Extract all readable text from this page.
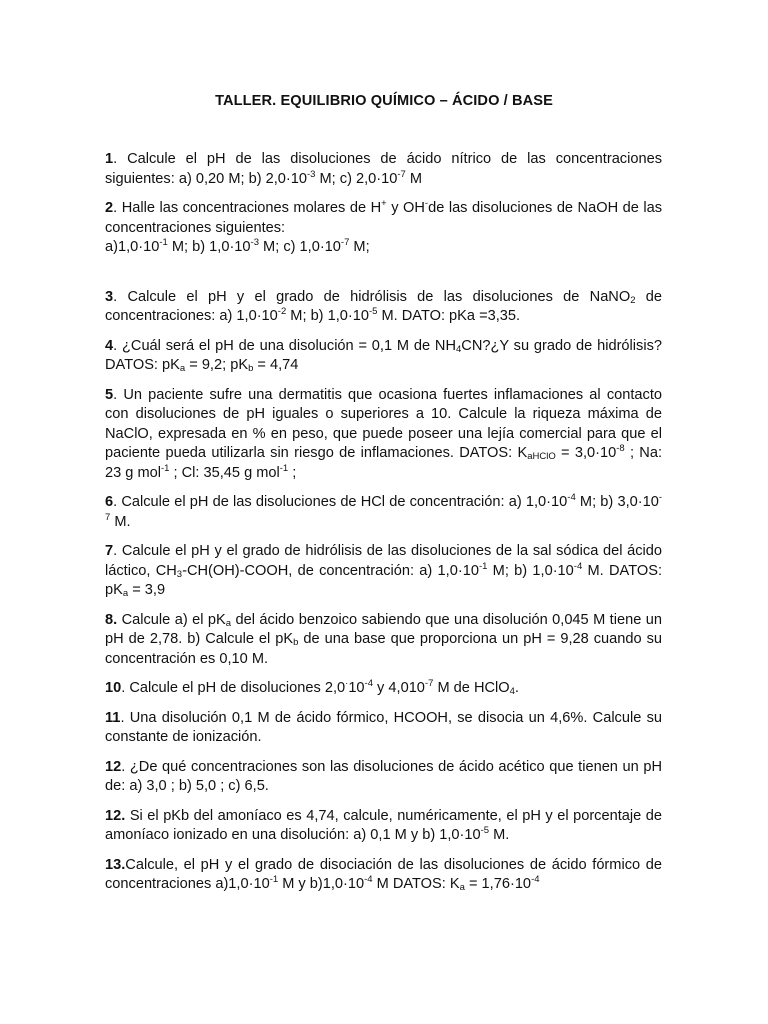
TALLER. EQUILIBRIO QUÍMICO – ÁCIDO / BASE

1. Calcule el pH de las disoluciones de ácido nítrico de las concentraciones siguientes: a) 0,20 M; b) $2,0\cdot 10^{-3}$ M; c) $2,0\cdot 10^{-7}$ M

2. Halle las concentraciones molares de H+ y OH-de las disoluciones de NaOH de las concentraciones siguientes:
$a)1,0\cdot 10^{-1}$ M; b) $1,0\cdot 10^{-3}$ M; c) $1,0\cdot 10^{-7}$ M;

3. Calcule el pH y el grado de hidrólisis de las disoluciones de NaNO$_2$ de concentraciones: a) $1,0\cdot 10^{-2}$ M; b) $1,0\cdot 10^{-5}$ M. DATO: pKa =3,35.

4. ¿Cuál será el pH de una disolución = 0,1 M de $NH_4CN?¿Y$ su grado de hidrólisis? DATOS: $pK_a = 9,2$; $pK_b = 4,74$

5. Un paciente sufre una dermatitis que ocasiona fuertes inflamaciones al contacto con disoluciones de pH iguales o superiores a 10. Calcule la riqueza máxima de NaClO, expresada en % en peso, que puede poseer una lejía comercial para que el paciente pueda utilizarla sin riesgo de inflamaciones. DATOS: $K_{aHClO} = 3,0\cdot 10^{-8}$ ; Na: 23 g mol$^{-1}$ ; Cl: 35,45 g mol$^{-1}$ ;

6. Calcule el pH de las disoluciones de HCl de concentración: a) $1,0\cdot 10^{-4}$ M; b) $3,0\cdot 10^{-7}$ M.

7. Calcule el pH y el grado de hidrólisis de las disoluciones de la sal sódica del ácido láctico, $CH_3-CH(OH)$-COOH, de concentración: a) $1,0\cdot 10^{-1}$ M; b) $1,0\cdot 10^{-4}$ M. DATOS: $pK_a = 3,9$

8. Calcule a) el $pK_a$ del ácido benzoico sabiendo que una disolución 0,045 M tiene un pH de 2,78. b) Calcule el $pK_b$ de una base que proporciona un pH = 9,28 cuando su concentración es 0,10 M.

10. Calcule el pH de disoluciones $2,0^\cdot 10^{-4}$ y $4,010^{-7}$ M de HClO$_4$.

11. Una disolución 0,1 M de ácido fórmico, HCOOH, se disocia un 4,6%. Calcule su constante de ionización.

12. ¿De qué concentraciones son las disoluciones de ácido acético que tienen un pH de: a) 3,0 ; b) 5,0 ; c) 6,5.

12. Si el pKb del amoníaco es 4,74, calcule, numéricamente, el pH y el porcentaje de amoníaco ionizado en una disolución: a) 0,1 M y b) $1,0\cdot 10^{-5}$ M.

13.Calcule, el pH y el grado de disociación de las disoluciones de ácido fórmico de concentraciones $a)1,0\cdot 10^{-1}$ M y $b)1,0\cdot 10^{-4}$ M DATOS: $K_a = 1,76\cdot 10^{-4}$
